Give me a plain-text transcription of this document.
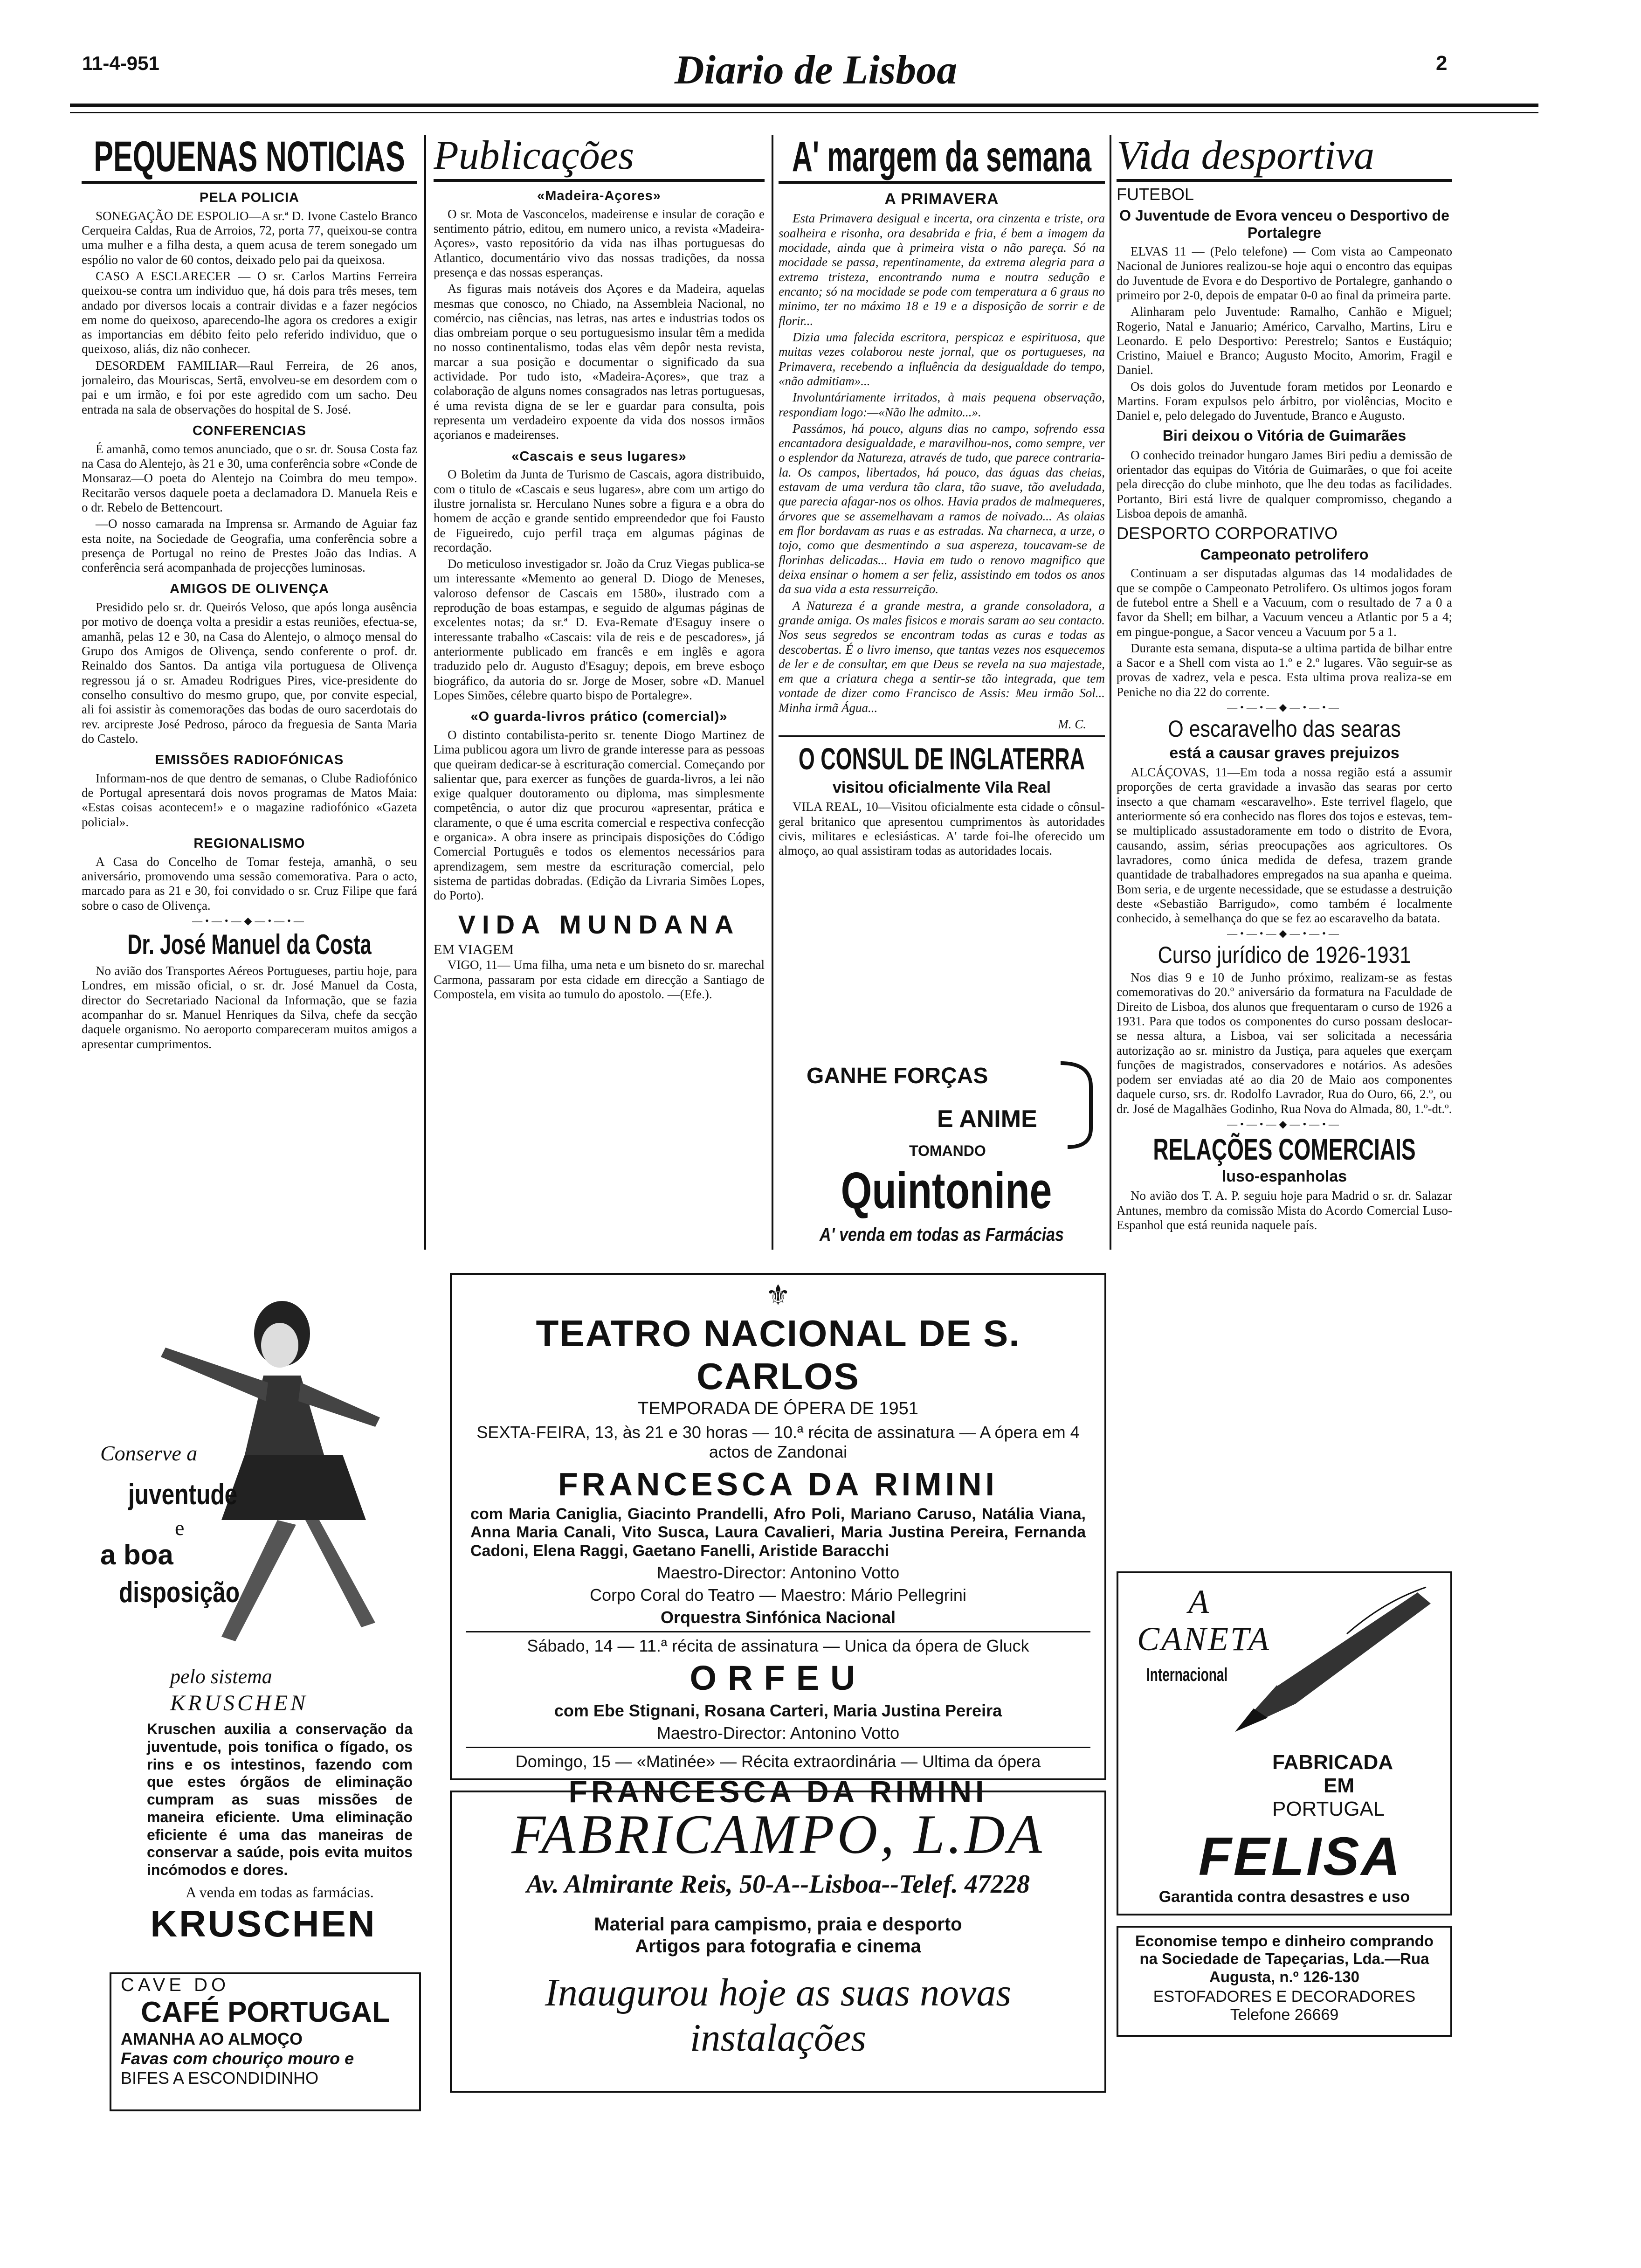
11-4-951	Diario de Lisboa	2
PEQUENAS NOTICIAS
PELA POLICIA

SONEGAÇÃO DE ESPOLIO—A sr.ª D. Ivone Castelo Branco Cerqueira Caldas, Rua de Arroios, 72, porta 77, queixou-se contra uma mulher e a filha desta, a quem acusa de terem sonegado um espólio no valor de 60 contos, deixado pelo pai da queixosa.

CASO A ESCLARECER — O sr. Carlos Martins Ferreira queixou-se contra um individuo que, há dois para três meses, tem andado por diversos locais a contrair dividas e a fazer negócios em nome do queixoso, aparecendo-lhe agora os credores a exigir as importancias em débito feito pelo referido individuo, que o queixoso, aliás, diz não conhecer.

DESORDEM FAMILIAR—Raul Ferreira, de 26 anos, jornaleiro, das Mouriscas, Sertã, envolveu-se em desordem com o pai e um irmão, e foi por este agredido com um sacho. Deu entrada na sala de observações do hospital de S. José.

CONFERENCIAS

É amanhã, como temos anunciado, que o sr. dr. Sousa Costa faz na Casa do Alentejo, às 21 e 30, uma conferência sobre «Conde de Monsaraz—O poeta do Alentejo na Coimbra do meu tempo». Recitarão versos daquele poeta a declamadora D. Manuela Reis e o dr. Rebelo de Bettencourt.

—O nosso camarada na Imprensa sr. Armando de Aguiar faz esta noite, na Sociedade de Geografia, uma conferência sobre a presença de Portugal no reino de Prestes João das Indias. A conferência será acompanhada de projecções luminosas.

AMIGOS DE OLIVENÇA

Presidido pelo sr. dr. Queirós Veloso, que após longa ausência por motivo de doença volta a presidir a estas reuniões, efectua-se, amanhã, pelas 12 e 30, na Casa do Alentejo, o almoço mensal do Grupo dos Amigos de Olivença, sendo conferente o prof. dr. Reinaldo dos Santos. Da antiga vila portuguesa de Olivença regressou já o sr. Amadeu Rodrigues Pires, vice-presidente do conselho consultivo do mesmo grupo, que, por convite especial, ali foi assistir às comemorações das bodas de ouro sacerdotais do rev. arcipreste José Pedroso, pároco da freguesia de Santa Maria do Castelo.

EMISSÕES RADIOFÓNICAS

Informam-nos de que dentro de semanas, o Clube Radiofónico de Portugal apresentará dois novos programas de Matos Maia: «Estas coisas acontecem!» e o magazine radiofónico «Gazeta policial».

REGIONALISMO

A Casa do Concelho de Tomar festeja, amanhã, o seu aniversário, promovendo uma sessão comemorativa. Para o acto, marcado para as 21 e 30, foi convidado o sr. Cruz Filipe que fará sobre o caso de Olivença.

—•—•—◆—•—•—
Dr. José Manuel da Costa

No avião dos Transportes Aéreos Portugueses, partiu hoje, para Londres, em missão oficial, o sr. dr. José Manuel da Costa, director do Secretariado Nacional da Informação, que se fazia acompanhar do sr. Manuel Henriques da Silva, chefe da secção daquele organismo. No aeroporto compareceram muitos amigos a apresentar cumprimentos.

Conserve a
juventude
e
a boa
disposição
pelo sistema
KRUSCHEN
Kruschen auxilia a conservação da juventude, pois tonifica o fígado, os rins e os intestinos, fazendo com que estes órgãos de eliminação cumpram as suas missões de maneira eficiente. Uma eliminação eficiente é uma das maneiras de conservar a saúde, pois evita muitos incómodos e dores.
A venda em todas as farmácias.
KRUSCHEN
CAVE DO
CAFÉ PORTUGAL
AMANHA AO ALMOÇO
Favas com chouriço mouro e
BIFES A ESCONDIDINHO
Publicações
«Madeira-Açores»

O sr. Mota de Vasconcelos, madeirense e insular de coração e sentimento pátrio, editou, em numero unico, a revista «Madeira-Açores», vasto repositório da vida nas ilhas portuguesas do Atlantico, documentário vivo das nossas tradições, da nossa presença e das nossas esperanças.

As figuras mais notáveis dos Açores e da Madeira, aquelas mesmas que conosco, no Chiado, na Assembleia Nacional, no comércio, nas ciências, nas letras, nas artes e industrias todos os dias ombreiam porque o seu portuguesismo insular têm a medida no nosso continentalismo, todas elas vêm depôr nesta revista, marcar a sua posição e documentar o significado da sua actividade. Por tudo isto, «Madeira-Açores», que traz a colaboração de alguns nomes consagrados nas letras portuguesas, é uma revista digna de se ler e guardar para consulta, pois representa um verdadeiro expoente da vida dos nossos irmãos açorianos e madeirenses.

«Cascais e seus lugares»

O Boletim da Junta de Turismo de Cascais, agora distribuido, com o titulo de «Cascais e seus lugares», abre com um artigo do ilustre jornalista sr. Herculano Nunes sobre a figura e a obra do homem de acção e grande sentido empreendedor que foi Fausto de Figueiredo, cujo perfil traça em algumas páginas de recordação.

Do meticuloso investigador sr. João da Cruz Viegas publica-se um interessante «Memento ao general D. Diogo de Meneses, valoroso defensor de Cascais em 1580», ilustrado com a reprodução de boas estampas, e seguido de algumas páginas de excelentes notas; da sr.ª D. Eva-Remate d'Esaguy insere o interessante trabalho «Cascais: vila de reis e de pescadores», já anteriormente publicado em francês e em inglês e agora traduzido pelo dr. Augusto d'Esaguy; depois, em breve esboço biográfico, da autoria do sr. Jorge de Moser, sobre «D. Manuel Lopes Simões, célebre quarto bispo de Portalegre».

«O guarda-livros prático (comercial)»

O distinto contabilista-perito sr. tenente Diogo Martinez de Lima publicou agora um livro de grande interesse para as pessoas que queiram dedicar-se à escrituração comercial. Começando por salientar que, para exercer as funções de guarda-livros, a lei não exige qualquer doutoramento ou diploma, mas simplesmente competência, o autor diz que procurou «apresentar, prática e claramente, o que é uma escrita comercial e respectiva confecção e organica». A obra insere as principais disposições do Código Comercial Português e todos os elementos necessários para aprendizagem, sem mestre da escrituração comercial, pelo sistema de partidas dobradas. (Edição da Livraria Simões Lopes, do Porto).

VIDA MUNDANA
EM VIAGEM

VIGO, 11— Uma filha, uma neta e um bisneto do sr. marechal Carmona, passaram por esta cidade em direcção a Santiago de Compostela, em visita ao tumulo do apostolo. —(Efe.).

A' margem da semana
A PRIMAVERA

Esta Primavera desigual e incerta, ora cinzenta e triste, ora soalheira e risonha, ora desabrida e fria, é bem a imagem da mocidade, ainda que à primeira vista o não pareça. Só na mocidade se passa, repentinamente, da extrema alegria para a extrema tristeza, encontrando numa e noutra sedução e encanto; só na mocidade se pode com temperatura a 6 graus no minimo, ter no máximo 18 e 19 e a disposição de sorrir e de florir...

Dizia uma falecida escritora, perspicaz e espirituosa, que muitas vezes colaborou neste jornal, que os portugueses, na Primavera, recebendo a influência da desigualdade do tempo, «não admitiam»...

Involuntáriamente irritados, à mais pequena observação, respondiam logo:—«Não lhe admito...».

Passámos, há pouco, alguns dias no campo, sofrendo essa encantadora desigualdade, e maravilhou-nos, como sempre, ver o esplendor da Natureza, através de tudo, que parece contraria-la. Os campos, libertados, há pouco, das águas das cheias, estavam de uma verdura tão clara, tão suave, tão aveludada, que parecia afagar-nos os olhos. Havia prados de malmequeres, árvores que se assemelhavam a ramos de noivado... As olaias em flor bordavam as ruas e as estradas. Na charneca, a urze, o tojo, como que desmentindo a sua aspereza, toucavam-se de florinhas delicadas... Havia em tudo o renovo magnifico que deixa ensinar o homem a ser feliz, assistindo em todos os anos da sua vida a esta ressurreição.

A Natureza é a grande mestra, a grande consoladora, a grande amiga. Os males fisicos e morais saram ao seu contacto. Nos seus segredos se encontram todas as curas e todas as descobertas. É o livro imenso, que tantas vezes nos esquecemos de ler e de consultar, em que Deus se revela na sua majestade, em que a criatura chega a sentir-se tão integrada, que tem vontade de dizer como Francisco de Assis: Meu irmão Sol... Minha irmã Água...

M. C.
O CONSUL DE INGLATERRA
visitou oficialmente Vila Real

VILA REAL, 10—Visitou oficialmente esta cidade o cônsul-geral britanico que apresentou cumprimentos às autoridades civis, militares e eclesiásticas. A' tarde foi-lhe oferecido um almoço, ao qual assistiram todas as autoridades locais.

GANHE FORÇAS
E ANIME
TOMANDO
Quintonine
A' venda em todas as Farmácias
Vida desportiva
FUTEBOL
O Juventude de Evora venceu o Desportivo de Portalegre

ELVAS 11 — (Pelo telefone) — Com vista ao Campeonato Nacional de Juniores realizou-se hoje aqui o encontro das equipas do Juventude de Evora e do Desportivo de Portalegre, ganhando o primeiro por 2-0, depois de empatar 0-0 ao final da primeira parte.

Alinharam pelo Juventude: Ramalho, Canhão e Miguel; Rogerio, Natal e Januario; Américo, Carvalho, Martins, Liru e Leonardo. E pelo Desportivo: Perestrelo; Santos e Eustáquio; Cristino, Maiuel e Branco; Augusto Mocito, Amorim, Fragil e Daniel.

Os dois golos do Juventude foram metidos por Leonardo e Martins. Foram expulsos pelo árbitro, por violências, Mocito e Daniel e, pelo delegado do Juventude, Branco e Augusto.

Biri deixou o Vitória de Guimarães

O conhecido treinador hungaro James Biri pediu a demissão de orientador das equipas do Vitória de Guimarães, o que foi aceite pela direcção do clube minhoto, que lhe deu todas as facilidades. Portanto, Biri está livre de qualquer compromisso, chegando a Lisboa depois de amanhã.

DESPORTO CORPORATIVO
Campeonato petrolifero

Continuam a ser disputadas algumas das 14 modalidades de que se compõe o Campeonato Petrolifero. Os ultimos jogos foram de futebol entre a Shell e a Vacuum, com o resultado de 7 a 0 a favor da Shell; em bilhar, a Vacuum venceu a Atlantic por 5 a 4; em pingue-pongue, a Sacor venceu a Vacuum por 5 a 1.

Durante esta semana, disputa-se a ultima partida de bilhar entre a Sacor e a Shell com vista ao 1.º e 2.º lugares. Vão seguir-se as provas de xadrez, vela e pesca. Esta ultima prova realiza-se em Peniche no dia 22 do corrente.

—•—•—◆—•—•—
O escaravelho das searas
está a causar graves prejuizos

ALCÁÇOVAS, 11—Em toda a nossa região está a assumir proporções de certa gravidade a invasão das searas por certo insecto a que chamam «escaravelho». Este terrivel flagelo, que anteriormente só era conhecido nas flores dos tojos e estevas, tem-se multiplicado assustadoramente em todo o distrito de Evora, causando, assim, sérias preocupações aos agricultores. Os lavradores, como única medida de defesa, trazem grande quantidade de trabalhadores empregados na sua apanha e queima. Bom seria, e de urgente necessidade, que se estudasse a destruição deste «Sebastião Barrigudo», como também é localmente conhecido, à semelhança do que se fez ao escaravelho da batata.

—•—•—◆—•—•—
Curso jurídico de 1926-1931

Nos dias 9 e 10 de Junho próximo, realizam-se as festas comemorativas do 20.º aniversário da formatura na Faculdade de Direito de Lisboa, dos alunos que frequentaram o curso de 1926 a 1931. Para que todos os componentes do curso possam deslocar-se nessa altura, a Lisboa, vai ser solicitada a necessária autorização ao sr. ministro da Justiça, para aqueles que exerçam funções de magistrados, conservadores e notários. As adesões podem ser enviadas até ao dia 20 de Maio aos componentes daquele curso, srs. dr. Rodolfo Lavrador, Rua do Ouro, 66, 2.º, ou dr. José de Magalhães Godinho, Rua Nova do Almada, 80, 1.º-dt.º.

—•—•—◆—•—•—
RELAÇÕES COMERCIAIS
luso-espanholas

No avião dos T. A. P. seguiu hoje para Madrid o sr. dr. Salazar Antunes, membro da comissão Mista do Acordo Comercial Luso-Espanhol que está reunida naquele país.

A
CANETA
Internacional
FABRICADA
EM
PORTUGAL
FELISA
Garantida contra desastres e uso
Economise tempo e dinheiro comprando na Sociedade de Tapeçarias, Lda.—Rua Augusta, n.º 126-130
ESTOFADORES E DECORADORES
Telefone 26669
⚜
TEATRO NACIONAL DE S. CARLOS
TEMPORADA DE ÓPERA DE 1951
SEXTA-FEIRA, 13, às 21 e 30 horas — 10.ª récita de assinatura — A ópera em 4 actos de Zandonai
FRANCESCA DA RIMINI
com Maria Caniglia, Giacinto Prandelli, Afro Poli, Mariano Caruso, Natália Viana, Anna Maria Canali, Vito Susca, Laura Cavalieri, Maria Justina Pereira, Fernanda Cadoni, Elena Raggi, Gaetano Fanelli, Aristide Baracchi
Maestro-Director: Antonino Votto
Corpo Coral do Teatro — Maestro: Mário Pellegrini
Orquestra Sinfónica Nacional
Sábado, 14 — 11.ª récita de assinatura — Unica da ópera de Gluck
ORFEU
com Ebe Stignani, Rosana Carteri, Maria Justina Pereira
Maestro-Director: Antonino Votto
Domingo, 15 — «Matinée» — Récita extraordinária — Ultima da ópera
FRANCESCA DA RIMINI
FABRICAMPO, L.DA
Av. Almirante Reis, 50-A--Lisboa--Telef. 47228
Material para campismo, praia e desporto
Artigos para fotografia e cinema
Inaugurou hoje as suas novas
instalações
